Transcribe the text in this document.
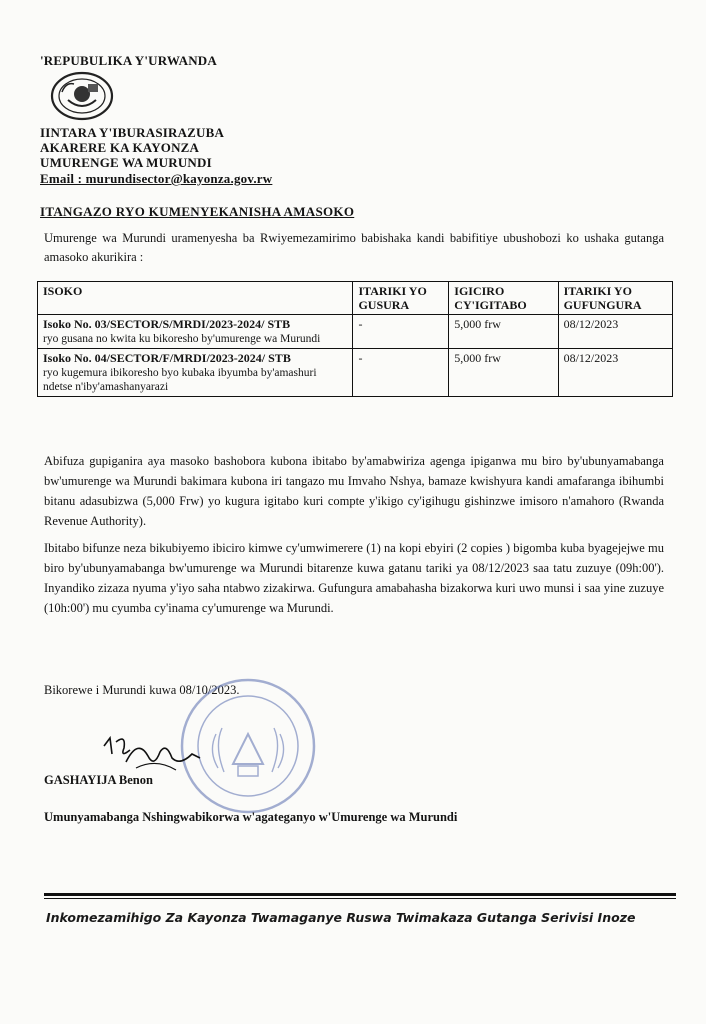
'REPUBULIKA Y'URWANDA
IINTARA Y'IBURASIRAZUBA
AKARERE KA KAYONZA
UMURENGE WA MURUNDI
Email : murundisector@kayonza.gov.rw
ITANGAZO RYO KUMENYEKANISHA AMASOKO
Umurenge wa Murundi uramenyesha ba Rwiyemezamirimo babishaka kandi babifitiye ubushobozi ko ushaka gutanga amasoko akurikira :
ISOKO	ITARIKI YO GUSURA	IGICIRO CY'IGITABO	ITARIKI YO GUFUNGURA

Isoko No. 03/SECTOR/S/MRDI/2023-2024/ STB
ryo gusana no kwita ku bikoresho by'umurenge wa Murundi	-	5,000 frw	08/12/2023

Isoko No. 04/SECTOR/F/MRDI/2023-2024/ STB
ryo kugemura ibikoresho byo kubaka ibyumba by'amashuri ndetse n'iby'amashanyarazi	-	5,000 frw	08/12/2023
Abifuza gupiganira aya masoko bashobora kubona ibitabo by'amabwiriza agenga ipiganwa mu biro by'ubunyamabanga bw'umurenge wa Murundi bakimara kubona iri tangazo mu Imvaho Nshya, bamaze kwishyura kandi amafaranga ibihumbi bitanu adasubizwa (5,000 Frw) yo kugura igitabo kuri compte y'ikigo cy'igihugu gishinzwe imisoro n'amahoro (Rwanda Revenue Authority).
Ibitabo bifunze neza bikubiyemo ibiciro kimwe cy'umwimerere (1) na kopi ebyiri (2 copies ) bigomba kuba byagejejwe mu biro by'ubunyamabanga bw'umurenge wa Murundi bitarenze kuwa gatanu tariki ya 08/12/2023 saa tatu zuzuye (09h:00'). Inyandiko zizaza nyuma y'iyo saha ntabwo zizakirwa. Gufungura amabahasha bizakorwa kuri uwo munsi i saa yine zuzuye (10h:00') mu cyumba cy'inama cy'umurenge wa Murundi.
Bikorewe i Murundi kuwa 08/10/2023.
GASHAYIJA Benon
Umunyamabanga Nshingwabikorwa w'agateganyo w'Umurenge wa Murundi
Inkomezamihigo Za Kayonza Twamaganye Ruswa Twimakaza Gutanga Serivisi Inoze
